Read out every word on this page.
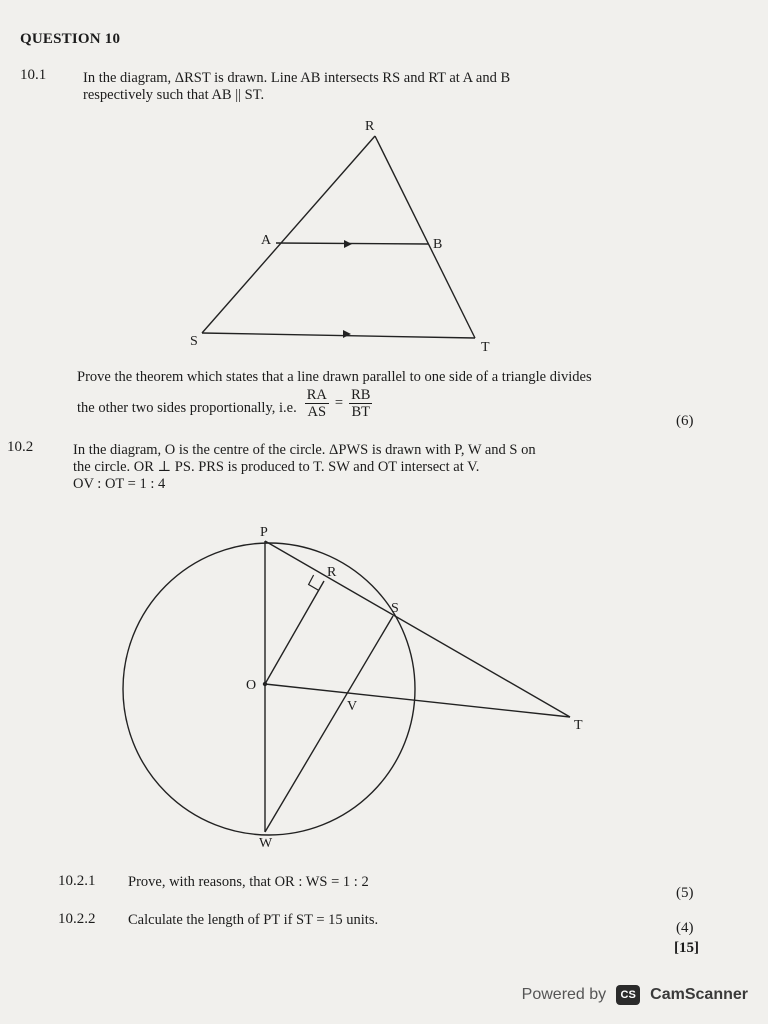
QUESTION 10
10.1	In the diagram, ΔRST is drawn. Line AB intersects RS and RT at A and B
respectively such that AB || ST.
R
A	B
S	T
P
R
S
O
V
T
W
Prove the theorem which states that a line drawn parallel to one side of a triangle divides
the other two sides proportionally, i.e. $\frac{RA}{AS} = \frac{RB}{BT}$
(6)
10.2	In the diagram, O is the centre of the circle. ΔPWS is drawn with P, W and S on
the circle. OR ⊥ PS. PRS is produced to T. SW and OT intersect at V.
OV : OT = 1 : 4
10.2.1 Prove, with reasons, that OR : WS = 1 : 2
(5)
10.2.2 Calculate the length of PT if ST = 15 units.	(4)
[15]
Powered by	CS CamScanner
